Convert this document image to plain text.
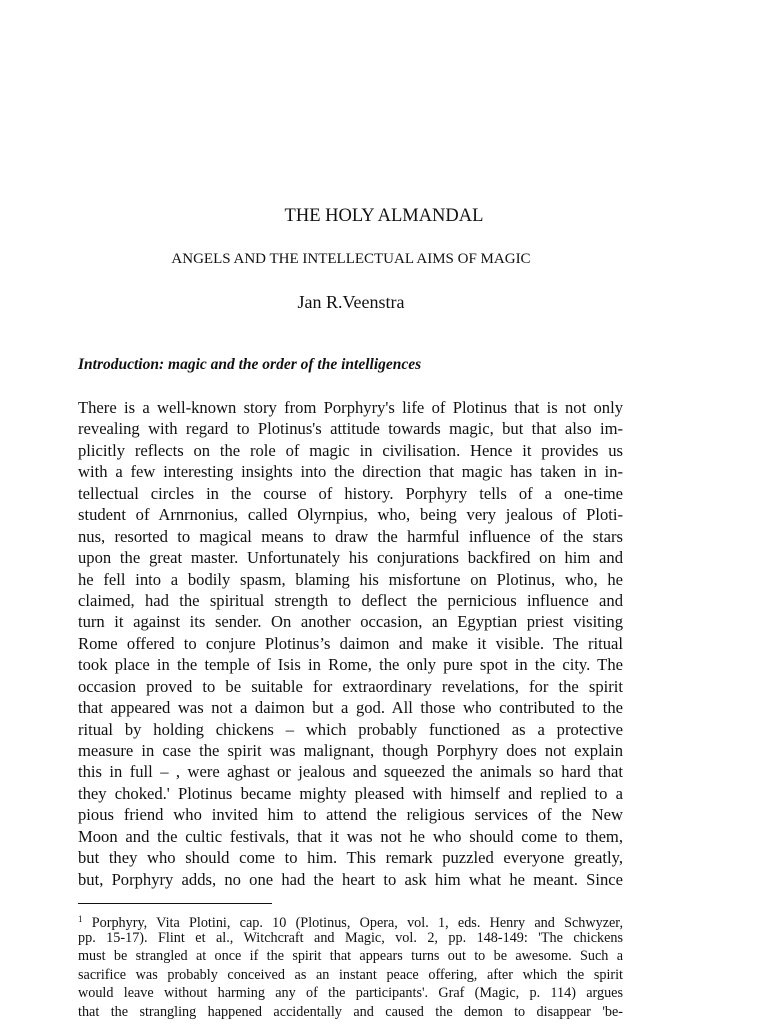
THE HOLY ALMANDAL
ANGELS AND THE INTELLECTUAL AIMS OF MAGIC
Jan R.Veenstra
Introduction: magic and the order of the intelligences
There is a well-known story from Porphyry's life of Plotinus that is not only
revealing with regard to Plotinus's attitude towards magic, but that also im-
plicitly reflects on the role of magic in civilisation. Hence it provides us
with a few interesting insights into the direction that magic has taken in in-
tellectual circles in the course of history. Porphyry tells of a one-time
student of Arnrnonius, called Olyrnpius, who, being very jealous of Ploti-
nus, resorted to magical means to draw the harmful influence of the stars
upon the great master. Unfortunately his conjurations backfired on him and
he fell into a bodily spasm, blaming his misfortune on Plotinus, who, he
claimed, had the spiritual strength to deflect the pernicious influence and
turn it against its sender. On another occasion, an Egyptian priest visiting
Rome offered to conjure Plotinus’s daimon and make it visible. The ritual
took place in the temple of Isis in Rome, the only pure spot in the city. The
occasion proved to be suitable for extraordinary revelations, for the spirit
that appeared was not a daimon but a god. All those who contributed to the
ritual by holding chickens – which probably functioned as a protective
measure in case the spirit was malignant, though Porphyry does not explain
this in full – , were aghast or jealous and squeezed the animals so hard that
they choked.' Plotinus became mighty pleased with himself and replied to a
pious friend who invited him to attend the religious services of the New
Moon and the cultic festivals, that it was not he who should come to them,
but they who should come to him. This remark puzzled everyone greatly,
but, Porphyry adds, no one had the heart to ask him what he meant. Since
$^1$ Porphyry, Vita Plotini, cap. 10 (Plotinus, Opera, vol. 1, eds. Henry and Schwyzer,
pp. 15-17). Flint et al., Witchcraft and Magic, vol. 2, pp. 148-149: 'The chickens
must be strangled at once if the spirit that appears turns out to be awesome. Such a
sacrifice was probably conceived as an instant peace offering, after which the spirit
would leave without harming any of the participants'. Graf (Magic, p. 114) argues
that the strangling happened accidentally and caused the demon to disappear 'be-
